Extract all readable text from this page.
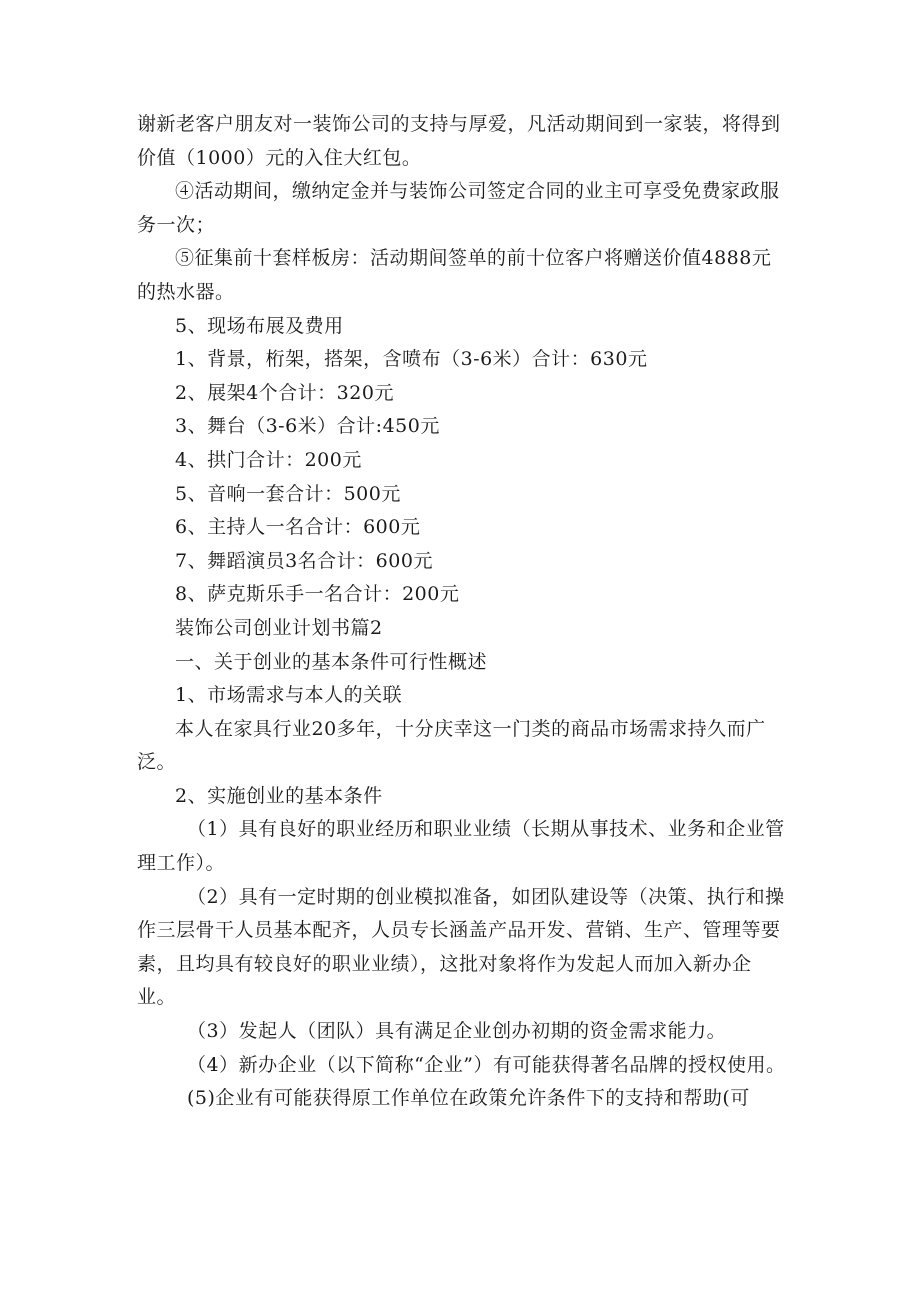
谢新老客户朋友对一装饰公司的支持与厚爱，凡活动期间到一家装，将得到价值（1000）元的入住大红包。

④活动期间，缴纳定金并与装饰公司签定合同的业主可享受免费家政服务一次；

⑤征集前十套样板房：活动期间签单的前十位客户将赠送价值4888元的热水器。

5、现场布展及费用

1、背景，桁架，搭架，含喷布（3-6米）合计：630元

2、展架4个合计：320元

3、舞台（3-6米）合计:450元

4、拱门合计：200元

5、音响一套合计：500元

6、主持人一名合计：600元

7、舞蹈演员3名合计：600元

8、萨克斯乐手一名合计：200元

装饰公司创业计划书篇2

一、关于创业的基本条件可行性概述

1、市场需求与本人的关联

本人在家具行业20多年，十分庆幸这一门类的商品市场需求持久而广泛。

2、实施创业的基本条件

（1）具有良好的职业经历和职业业绩（长期从事技术、业务和企业管理工作）。

（2）具有一定时期的创业模拟准备，如团队建设等（决策、执行和操作三层骨干人员基本配齐，人员专长涵盖产品开发、营销、生产、管理等要素，且均具有较良好的职业业绩），这批对象将作为发起人而加入新办企业。

（3）发起人（团队）具有满足企业创办初期的资金需求能力。

（4）新办企业（以下简称“企业”）有可能获得著名品牌的授权使用。

(5)企业有可能获得原工作单位在政策允许条件下的支持和帮助(可
